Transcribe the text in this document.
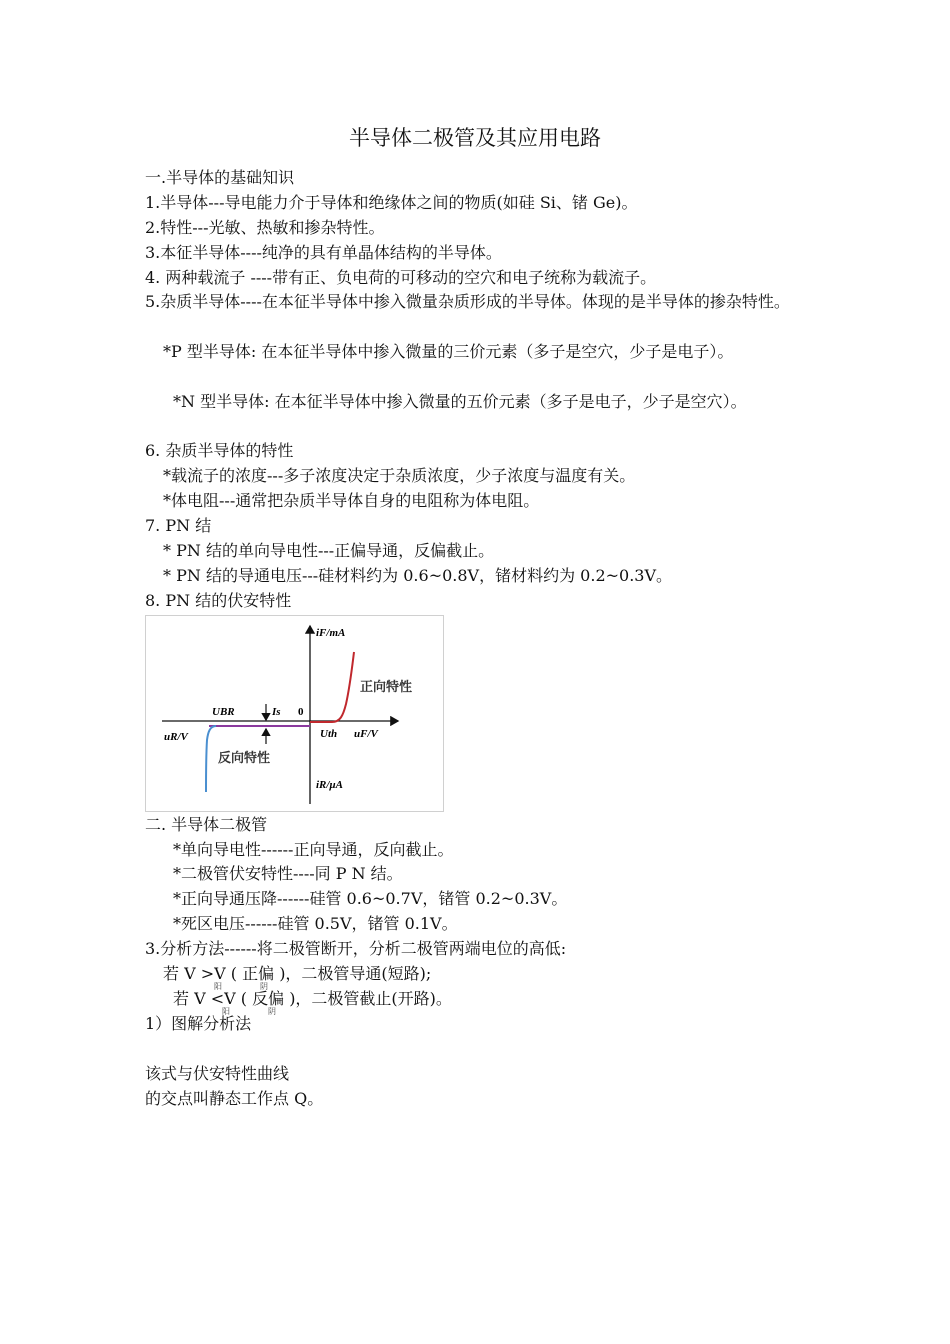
半导体二极管及其应用电路
一.半导体的基础知识
1.半导体---导电能力介于导体和绝缘体之间的物质(如硅 Si、锗 Ge)。
2.特性---光敏、热敏和掺杂特性。
3.本征半导体----纯净的具有单晶体结构的半导体。
4. 两种载流子 ----带有正、负电荷的可移动的空穴和电子统称为载流子。
5.杂质半导体----在本征半导体中掺入微量杂质形成的半导体。体现的是半导体的掺杂特性。
*P 型半导体: 在本征半导体中掺入微量的三价元素（多子是空穴，少子是电子）。
*N 型半导体: 在本征半导体中掺入微量的五价元素（多子是电子，少子是空穴）。
6. 杂质半导体的特性
*载流子的浓度---多子浓度决定于杂质浓度，少子浓度与温度有关。
*体电阻---通常把杂质半导体自身的电阻称为体电阻。
7. PN 结
* PN 结的单向导电性---正偏导通，反偏截止。
* PN 结的导通电压---硅材料约为 0.6~0.8V，锗材料约为 0.2~0.3V。
8. PN 结的伏安特性
iF/mA
iR/μA
uF/V
uR/V
UBR	Is 0
Uth
正向特性
反向特性
二. 半导体二极管
*单向导电性------正向导通，反向截止。
*二极管伏安特性----同 P N 结。
*正向导通压降------硅管 0.6~0.7V，锗管 0.2~0.3V。
*死区电压------硅管 0.5V，锗管 0.1V。
3.分析方法------将二极管断开，分析二极管两端电位的高低:
若 V >V ( 正偏 )，二极管导通(短路);
阳	阴
若 V <V ( 反偏 )，二极管截止(开路)。
阳	阴
1）图解分析法
该式与伏安特性曲线
的交点叫静态工作点 Q。
